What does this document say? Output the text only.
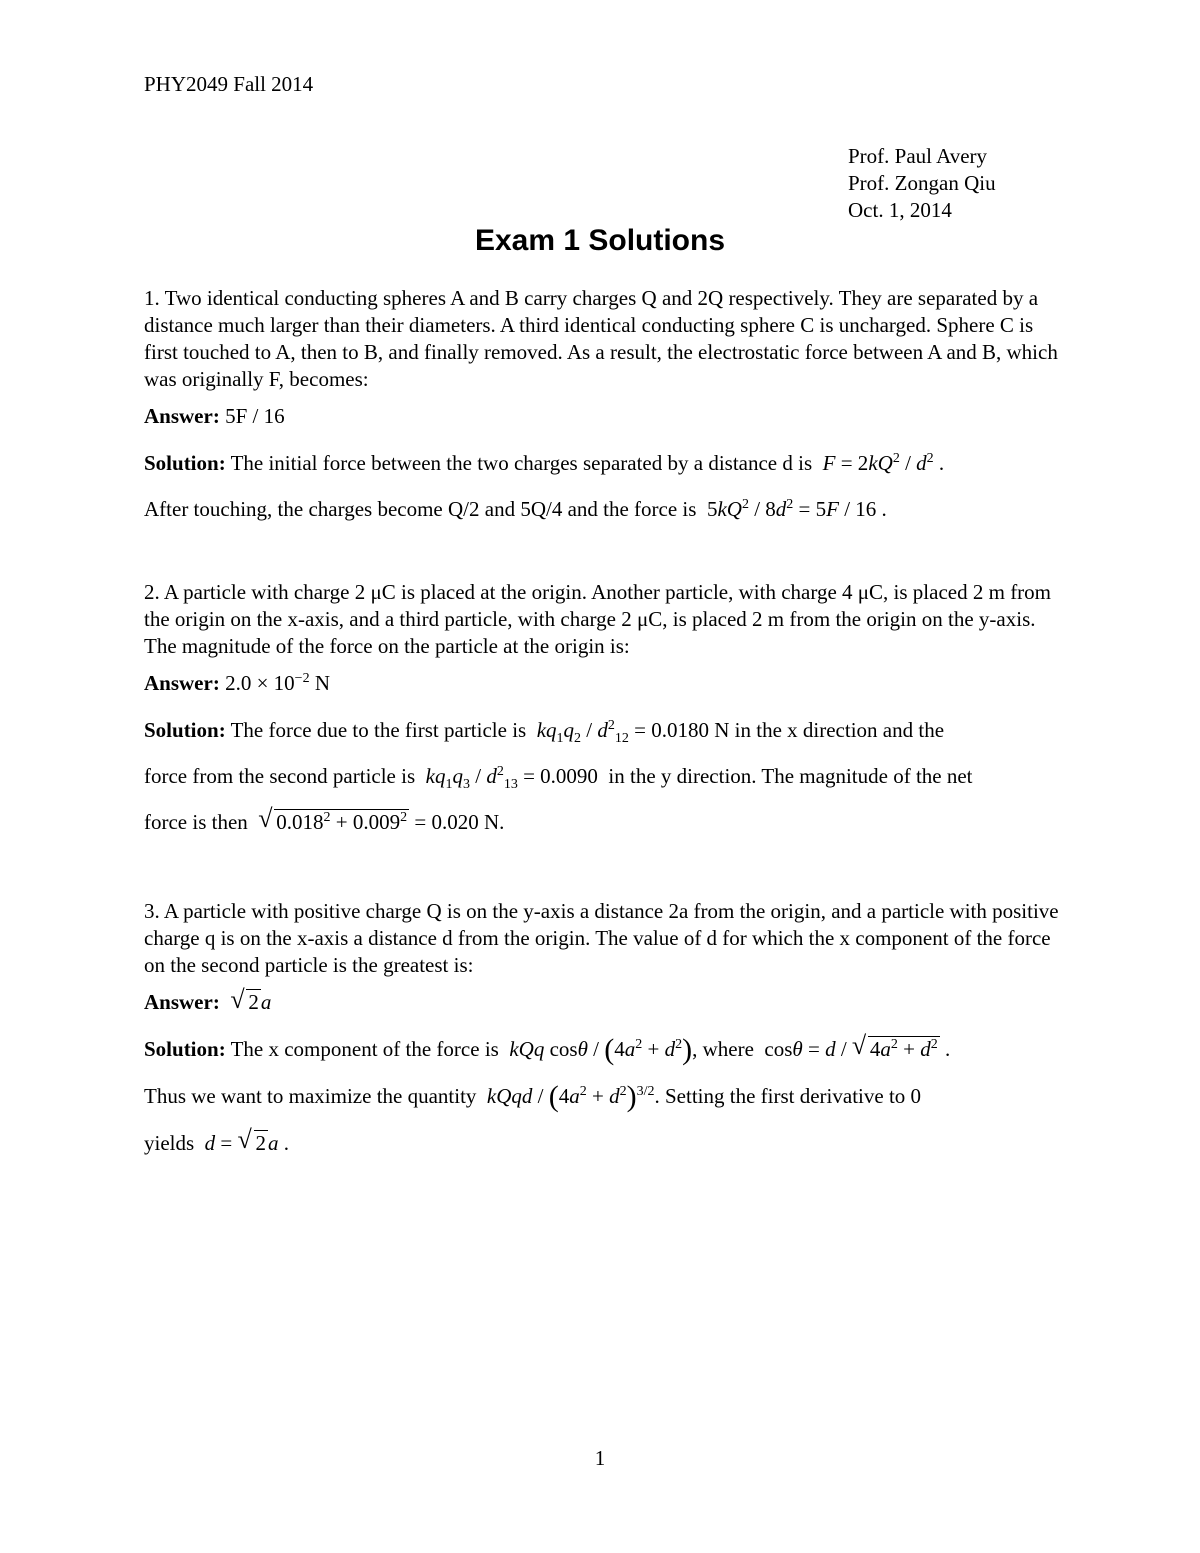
PHY2049 Fall 2014
Prof. Paul Avery
Prof. Zongan Qiu
Oct. 1, 2014
Exam 1 Solutions
1. Two identical conducting spheres A and B carry charges Q and 2Q respectively. They are separated by a distance much larger than their diameters. A third identical conducting sphere C is uncharged. Sphere C is first touched to A, then to B, and finally removed. As a result, the electrostatic force between A and B, which was originally F, becomes:
Answer: 5F / 16
Solution: The initial force between the two charges separated by a distance d is $F = 2kQ^2 / d^2$ .
After touching, the charges become Q/2 and 5Q/4 and the force is  $5kQ^2 / 8d^2 = 5F / 16$ .
2. A particle with charge 2 μC is placed at the origin. Another particle, with charge 4 μC, is placed 2 m from the origin on the x-axis, and a third particle, with charge 2 μC, is placed 2 m from the origin on the y-axis. The magnitude of the force on the particle at the origin is:
Answer: $2.0 \times 10^{-2}$ N
Solution: The force due to the first particle is $kq_1q_2 / d^2_{12} = 0.0180$ N in the x direction and the
force from the second particle is $kq_1q_3 / d^2_{13} = 0.0090$  in the y direction. The magnitude of the net
force is then √ $0.018^2 + 0.009^2 = 0.020$ N.
3. A particle with positive charge Q is on the y-axis a distance 2a from the origin, and a particle with positive charge q is on the x-axis a distance d from the origin. The value of d for which the x component of the force on the second particle is the greatest is:
Answer: √ 2a
Solution: The x component of the force is kQq $\cos\theta / (4a^2 + d^2)$, where  cosθ = d / √ $4a^2 + d^2$ .
Thus we want to maximize the quantity kQqd / $(4a^2 + d^2)^{3/2}$. Setting the first derivative to 0
yields d = √ 2a .
1
